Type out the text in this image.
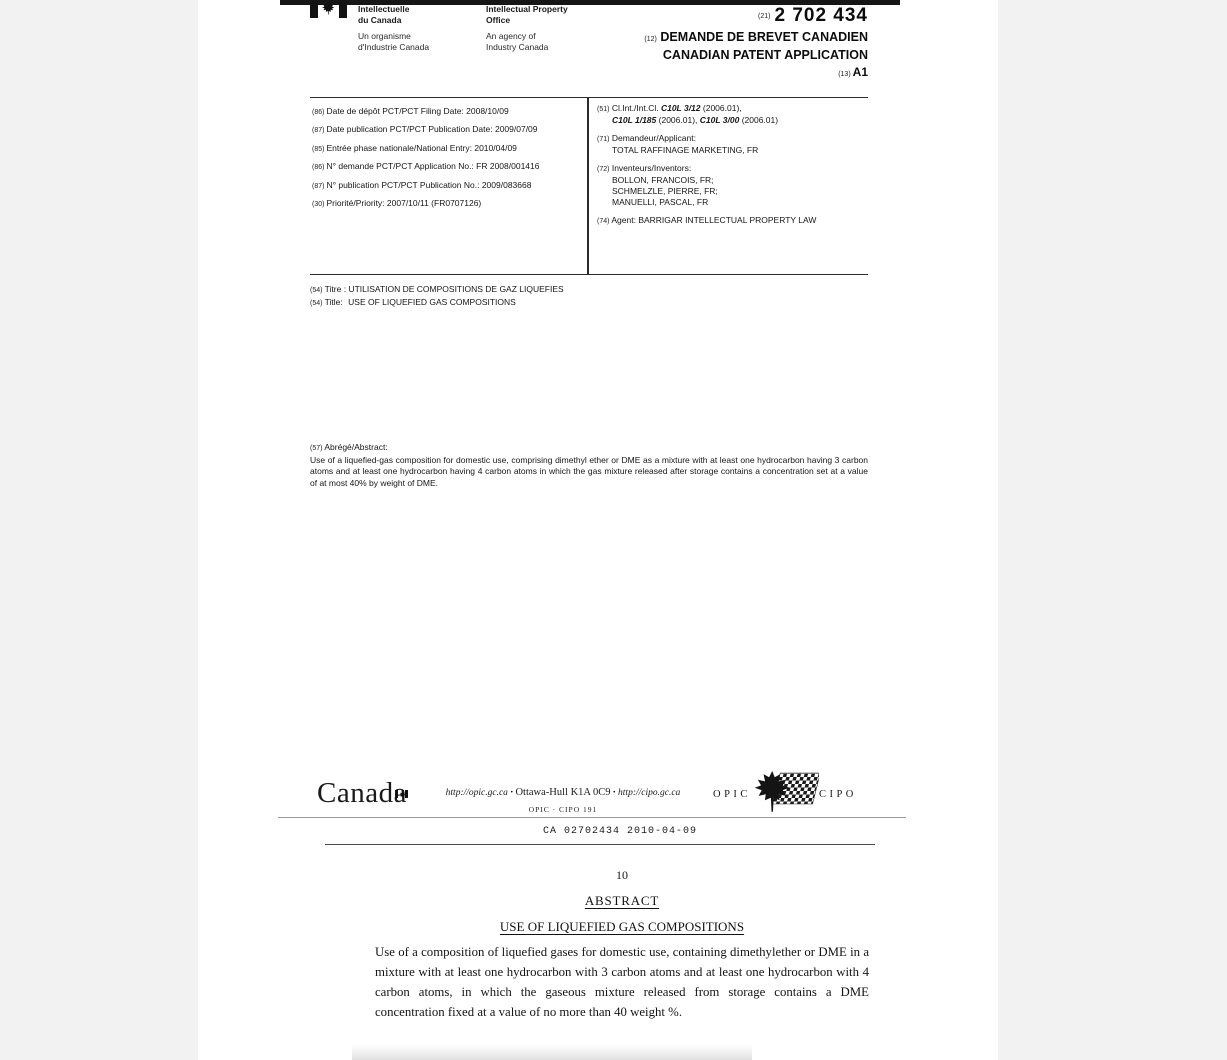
Intellectuelle
du Canada
Un organisme
d'Industrie Canada
Intellectual Property
Office
An agency of
Industry Canada
(21) 2 702 434
(12) DEMANDE DE BREVET CANADIEN
CANADIAN PATENT APPLICATION
(13) A1
(86) Date de dépôt PCT/PCT Filing Date: 2008/10/09
(87) Date publication PCT/PCT Publication Date: 2009/07/09
(85) Entrée phase nationale/National Entry: 2010/04/09
(86) N° demande PCT/PCT Application No.: FR 2008/001416
(87) N° publication PCT/PCT Publication No.: 2009/083668
(30) Priorité/Priority: 2007/10/11 (FR0707126)
(51) Cl.Int./Int.Cl. C10L 3/12 (2006.01),
C10L 1/185 (2006.01), C10L 3/00 (2006.01)
(71) Demandeur/Applicant:
TOTAL RAFFINAGE MARKETING, FR
(72) Inventeurs/Inventors:
BOLLON, FRANCOIS, FR;
SCHMELZLE, PIERRE, FR;
MANUELLI, PASCAL, FR
(74) Agent: BARRIGAR INTELLECTUAL PROPERTY LAW
(54) Titre : UTILISATION DE COMPOSITIONS DE GAZ LIQUEFIES
(54) Title: USE OF LIQUEFIED GAS COMPOSITIONS
(57) Abrégé/Abstract:
Use of a liquefied-gas composition for domestic use, comprising dimethyl ether or DME as a mixture with at least one hydrocarbon having 3 carbon atoms and at least one hydrocarbon having 4 carbon atoms in which the gas mixture released after storage contains a concentration set at a value of at most 40% by weight of DME.
Canad	http://opic.gc.ca · Ottawa-Hull K1A 0C9 · http://cipo.gc.ca
OPIC · CIPO 191
OPIC	CIPO
CA 02702434 2010-04-09
10
ABSTRACT
USE OF LIQUEFIED GAS COMPOSITIONS
Use of a composition of liquefied gases for domestic use, containing dimethylether or DME in a mixture with at least one hydrocarbon with 3 carbon atoms and at least one hydrocarbon with 4 carbon atoms, in which the gaseous mixture released from storage contains a DME concentration fixed at a value of no more than 40 weight %.
